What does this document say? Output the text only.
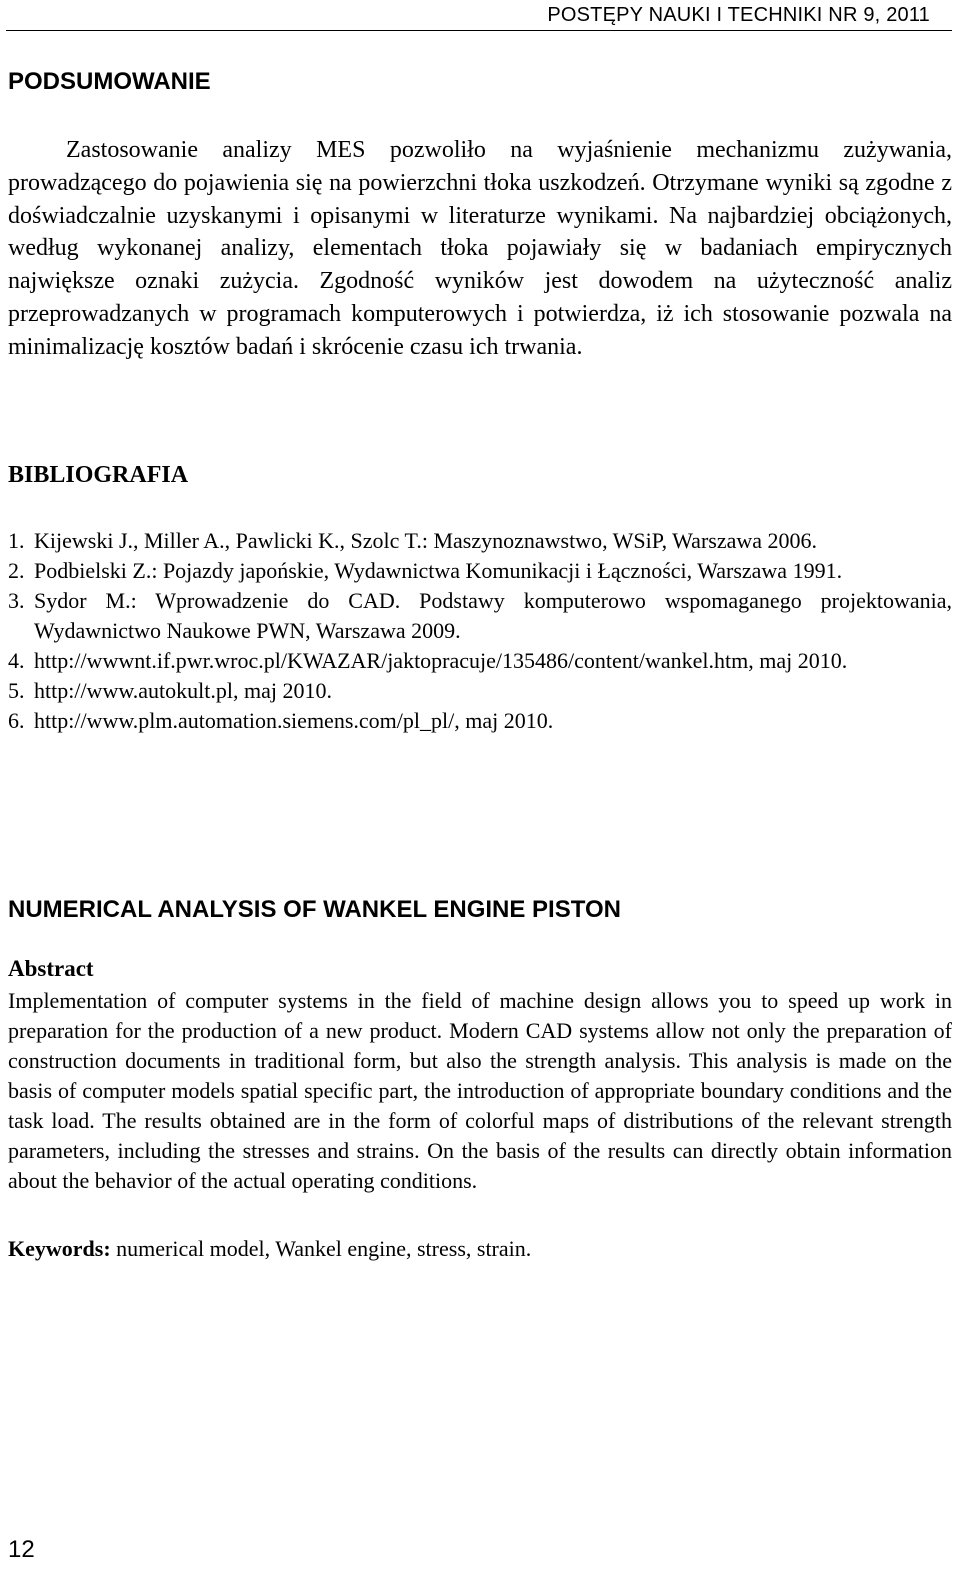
POSTĘPY NAUKI I TECHNIKI NR 9, 2011
PODSUMOWANIE

Zastosowanie analizy MES pozwoliło na wyjaśnienie mechanizmu zużywania, prowadzącego do pojawienia się na powierzchni tłoka uszkodzeń. Otrzymane wyniki są zgodne z doświadczalnie uzyskanymi i opisanymi w literaturze wynikami. Na najbardziej obciążonych, według wykonanej analizy, elementach tłoka pojawiały się w badaniach empirycznych największe oznaki zużycia. Zgodność wyników jest dowodem na użyteczność analiz przeprowadzanych w programach komputerowych i potwierdza, iż ich stosowanie pozwala na minimalizację kosztów badań i skrócenie czasu ich trwania.

BIBLIOGRAFIA
1. Kijewski J., Miller A., Pawlicki K., Szolc T.: Maszynoznawstwo, WSiP, Warszawa 2006.
2. Podbielski Z.: Pojazdy japońskie, Wydawnictwa Komunikacji i Łączności, Warszawa 1991.
3. Sydor M.: Wprowadzenie do CAD. Podstawy komputerowo wspomaganego projektowania, Wydawnictwo Naukowe PWN, Warszawa 2009.
4. http://wwwnt.if.pwr.wroc.pl/KWAZAR/jaktopracuje/135486/content/wankel.htm, maj 2010.
5. http://www.autokult.pl, maj 2010.
6. http://www.plm.automation.siemens.com/pl_pl/, maj 2010.
NUMERICAL ANALYSIS OF WANKEL ENGINE PISTON
Abstract

Implementation of computer systems in the field of machine design allows you to speed up work in preparation for the production of a new product. Modern CAD systems allow not only the preparation of construction documents in traditional form, but also the strength analysis. This analysis is made on the basis of computer models spatial specific part, the introduction of appropriate boundary conditions and the task load. The results obtained are in the form of colorful maps of distributions of the relevant strength parameters, including the stresses and strains. On the basis of the results can directly obtain information about the behavior of the actual operating conditions.

Keywords: numerical model, Wankel engine, stress, strain.
12
